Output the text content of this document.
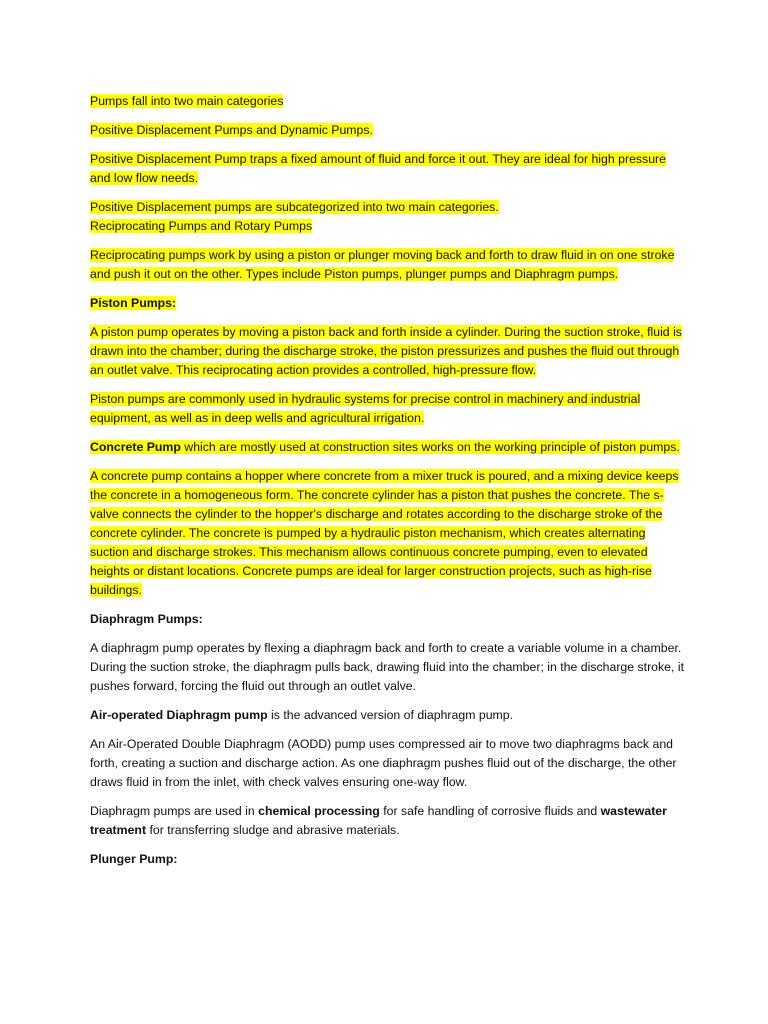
Pumps fall into two main categories

Positive Displacement Pumps and Dynamic Pumps.

Positive Displacement Pump traps a fixed amount of fluid and force it out. They are ideal for high pressure and low flow needs.

Positive Displacement pumps are subcategorized into two main categories.
Reciprocating Pumps and Rotary Pumps

Reciprocating pumps work by using a piston or plunger moving back and forth to draw fluid in on one stroke and push it out on the other. Types include Piston pumps, plunger pumps and Diaphragm pumps.

Piston Pumps:

A piston pump operates by moving a piston back and forth inside a cylinder. During the suction stroke, fluid is drawn into the chamber; during the discharge stroke, the piston pressurizes and pushes the fluid out through an outlet valve. This reciprocating action provides a controlled, high-pressure flow.

Piston pumps are commonly used in hydraulic systems for precise control in machinery and industrial equipment, as well as in deep wells and agricultural irrigation.

Concrete Pump which are mostly used at construction sites works on the working principle of piston pumps.

A concrete pump contains a hopper where concrete from a mixer truck is poured, and a mixing device keeps the concrete in a homogeneous form. The concrete cylinder has a piston that pushes the concrete. The s-valve connects the cylinder to the hopper's discharge and rotates according to the discharge stroke of the concrete cylinder. The concrete is pumped by a hydraulic piston mechanism, which creates alternating suction and discharge strokes. This mechanism allows continuous concrete pumping, even to elevated heights or distant locations. Concrete pumps are ideal for larger construction projects, such as high-rise buildings.

Diaphragm Pumps:

A diaphragm pump operates by flexing a diaphragm back and forth to create a variable volume in a chamber. During the suction stroke, the diaphragm pulls back, drawing fluid into the chamber; in the discharge stroke, it pushes forward, forcing the fluid out through an outlet valve.

Air-operated Diaphragm pump is the advanced version of diaphragm pump.

An Air-Operated Double Diaphragm (AODD) pump uses compressed air to move two diaphragms back and forth, creating a suction and discharge action. As one diaphragm pushes fluid out of the discharge, the other draws fluid in from the inlet, with check valves ensuring one-way flow.

Diaphragm pumps are used in chemical processing for safe handling of corrosive fluids and wastewater treatment for transferring sludge and abrasive materials.

Plunger Pump:
